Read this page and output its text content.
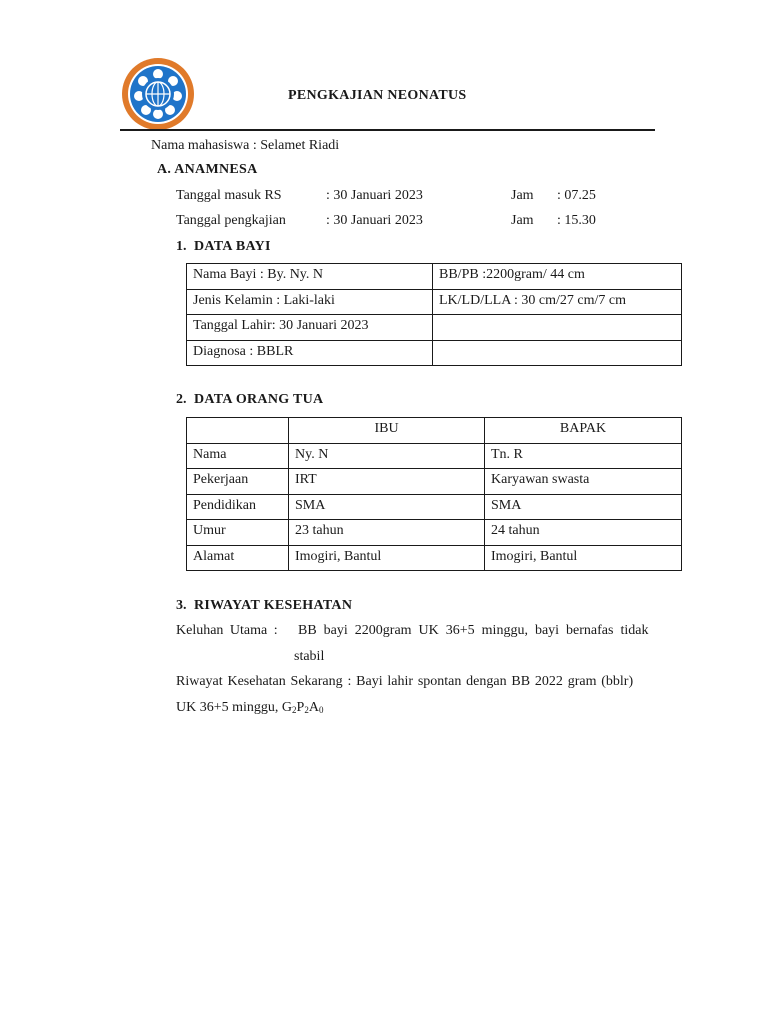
PENGKAJIAN NEONATUS
Nama mahasiswa : Selamet Riadi
A. ANAMNESA
Tanggal masuk RS	: 30 Januari 2023	Jam : 07.25
Tanggal pengkajian	: 30 Januari 2023	Jam : 15.30
1. DATA BAYI
Nama Bayi : By. Ny. N	BB/PB :2200gram/ 44 cm
Jenis Kelamin : Laki-laki	LK/LD/LLA : 30 cm/27 cm/7 cm
Tanggal Lahir: 30 Januari 2023	
Diagnosa : BBLR	
2. DATA ORANG TUA
	IBU	BAPAK
Nama	Ny. N	Tn. R
Pekerjaan	IRT	Karyawan swasta
Pendidikan	SMA	SMA
Umur	23 tahun	24 tahun
Alamat	Imogiri, Bantul	Imogiri, Bantul
3. RIWAYAT KESEHATAN
Keluhan Utama : BB bayi 2200gram UK 36+5 minggu, bayi bernafas tidak
stabil
Riwayat Kesehatan Sekarang : Bayi lahir spontan dengan BB 2022 gram (bblr)
UK 36+5 minggu, $G_2P_2A_0$
